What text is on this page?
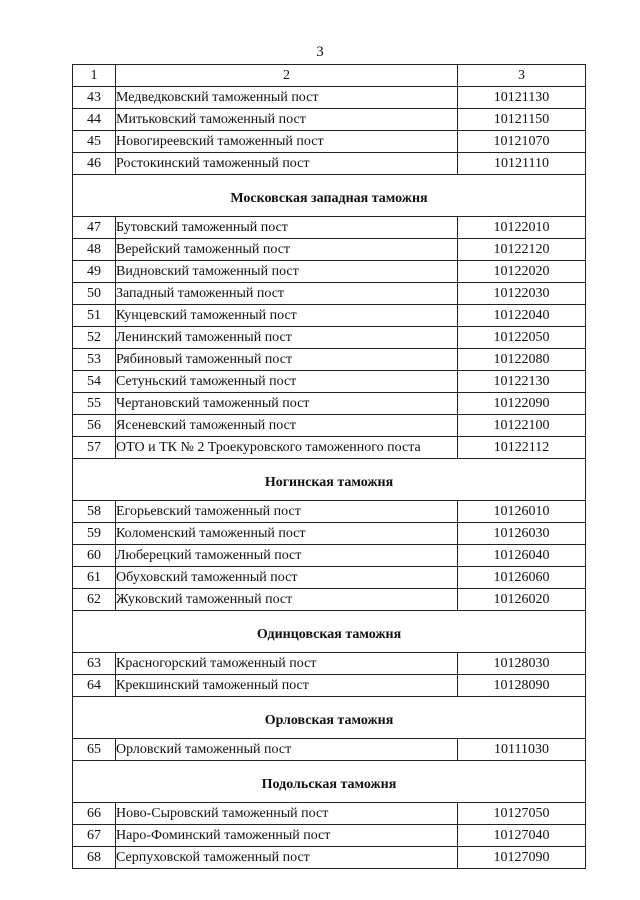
3
1	2	3
43	Медведковский таможенный пост	10121130
44	Митьковский таможенный пост	10121150
45	Новогиреевский таможенный пост	10121070
46	Ростокинский таможенный пост	10121110
Московская западная таможня		
47	Бутовский таможенный пост	10122010
48	Верейский таможенный пост	10122120
49	Видновский таможенный пост	10122020
50	Западный таможенный пост	10122030
51	Кунцевский таможенный пост	10122040
52	Ленинский таможенный пост	10122050
53	Рябиновый таможенный пост	10122080
54	Сетуньский таможенный пост	10122130
55	Чертановский таможенный пост	10122090
56	Ясеневский таможенный пост	10122100
57	ОТО и ТК № 2 Троекуровского таможенного поста	10122112
Ногинская таможня		
58	Егорьевский таможенный пост	10126010
59	Коломенский таможенный пост	10126030
60	Люберецкий таможенный пост	10126040
61	Обуховский таможенный пост	10126060
62	Жуковский таможенный пост	10126020
Одинцовская таможня		
63	Красногорский таможенный пост	10128030
64	Крекшинский таможенный пост	10128090
Орловская таможня		
65	Орловский таможенный пост	10111030
Подольская таможня		
66	Ново-Сыровский таможенный пост	10127050
67	Наро-Фоминский таможенный пост	10127040
68	Серпуховской таможенный пост	10127090
